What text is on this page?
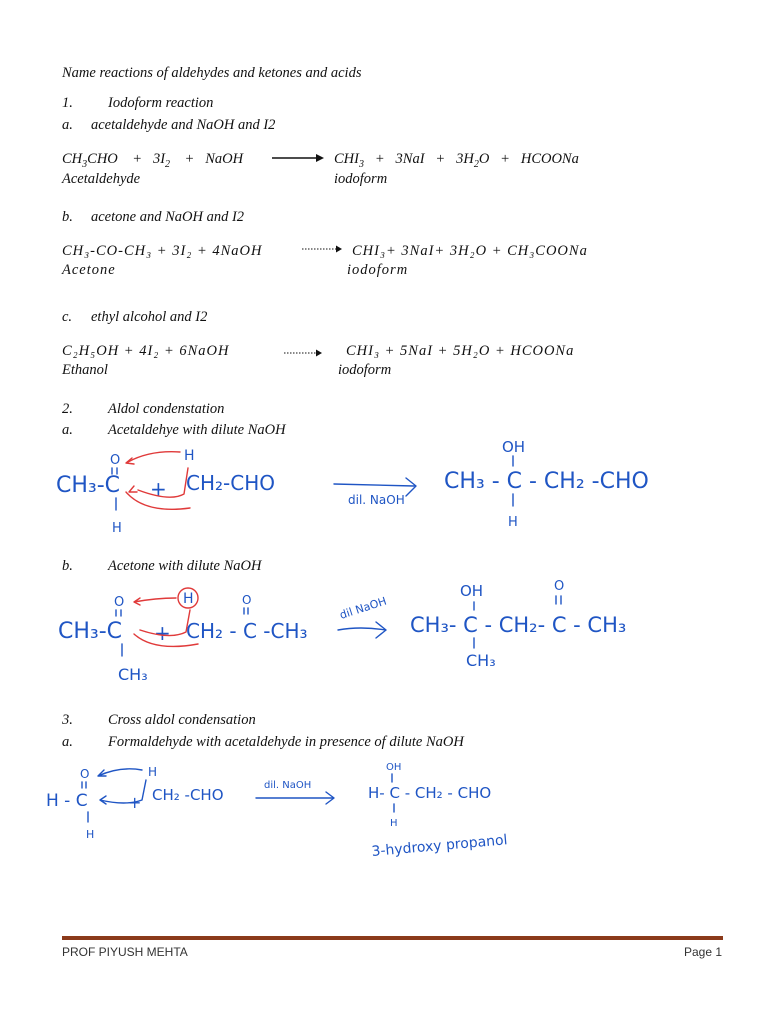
Name reactions of aldehydes and ketones and acids
1. Iodoform reaction
a. acetaldehyde and NaOH and I2
$CH_3CHO + 3I_2$ + NaOH	$CHI_3 + 3NaI + 3H_2O$ + HCOONa
Acetaldehyde	iodoform
b. acetone and NaOH and I2
CH₃-CO-CH₃ + 3I₂ + 4NaOH	CHI₃+ 3NaI+ 3H₂O + CH₃COONa
Acetone	iodoform
c. ethyl alcohol and I2
C₂H₅OH + 4I₂ + 6NaOH	CHI₃ + 5NaI + 5H₂O + HCOONa
Ethanol	iodoform
2. Aldol condenstation
a. Acetaldehye with dilute NaOH
CH₃-C
O
H
H
+ CH₂-CHO
dil. NaOH
CH₃ - C - CH₂ -CHO
OH
H
b. Acetone with dilute NaOH
CH₃-C
O
CH₃
H
+ CH₂ - C -CH₃
O	dil NaOH
CH₃- C - CH₂- C - CH₃
OH
CH₃
O
3. Cross aldol condensation
a. Formaldehyde with acetaldehyde in presence of dilute NaOH
H - C
O
H
H
+ CH₂ -CHO
dil. NaOH	H- C - CH₂ - CHO
OH
H
3-hydroxy propanol
PROF PIYUSH MEHTA	Page 1
